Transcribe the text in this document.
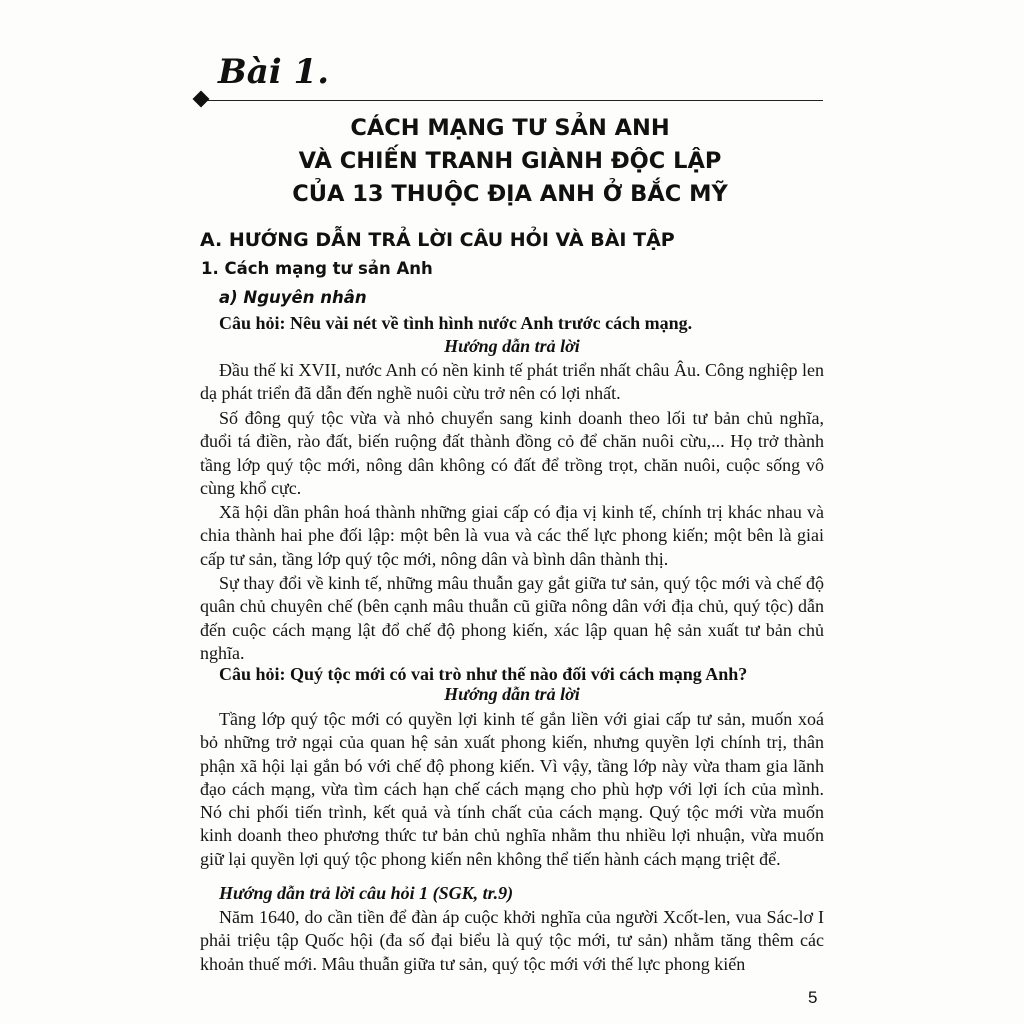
Bài 1.
CÁCH MẠNG TƯ SẢN ANH
VÀ CHIẾN TRANH GIÀNH ĐỘC LẬP
CỦA 13 THUỘC ĐỊA ANH Ở BẮC MỸ
A. HƯỚNG DẪN TRẢ LỜI CÂU HỎI VÀ BÀI TẬP
1. Cách mạng tư sản Anh
a) Nguyên nhân
Câu hỏi: Nêu vài nét về tình hình nước Anh trước cách mạng.
Hướng dẫn trả lời
Đầu thế kỉ XVII, nước Anh có nền kinh tế phát triển nhất châu Âu. Công nghiệp len dạ phát triển đã dẫn đến nghề nuôi cừu trở nên có lợi nhất.
Số đông quý tộc vừa và nhỏ chuyển sang kinh doanh theo lối tư bản chủ nghĩa, đuổi tá điền, rào đất, biến ruộng đất thành đồng cỏ để chăn nuôi cừu,... Họ trở thành tầng lớp quý tộc mới, nông dân không có đất để trồng trọt, chăn nuôi, cuộc sống vô cùng khổ cực.
Xã hội dần phân hoá thành những giai cấp có địa vị kinh tế, chính trị khác nhau và chia thành hai phe đối lập: một bên là vua và các thế lực phong kiến; một bên là giai cấp tư sản, tầng lớp quý tộc mới, nông dân và bình dân thành thị.
Sự thay đổi về kinh tế, những mâu thuẫn gay gắt giữa tư sản, quý tộc mới và chế độ quân chủ chuyên chế (bên cạnh mâu thuẫn cũ giữa nông dân với địa chủ, quý tộc) dẫn đến cuộc cách mạng lật đổ chế độ phong kiến, xác lập quan hệ sản xuất tư bản chủ nghĩa.
Câu hỏi: Quý tộc mới có vai trò như thế nào đối với cách mạng Anh?
Hướng dẫn trả lời
Tầng lớp quý tộc mới có quyền lợi kinh tế gắn liền với giai cấp tư sản, muốn xoá bỏ những trở ngại của quan hệ sản xuất phong kiến, nhưng quyền lợi chính trị, thân phận xã hội lại gắn bó với chế độ phong kiến. Vì vậy, tầng lớp này vừa tham gia lãnh đạo cách mạng, vừa tìm cách hạn chế cách mạng cho phù hợp với lợi ích của mình. Nó chi phối tiến trình, kết quả và tính chất của cách mạng. Quý tộc mới vừa muốn kinh doanh theo phương thức tư bản chủ nghĩa nhằm thu nhiều lợi nhuận, vừa muốn giữ lại quyền lợi quý tộc phong kiến nên không thể tiến hành cách mạng triệt để.
Hướng dẫn trả lời câu hỏi 1 (SGK, tr.9)
Năm 1640, do cần tiền để đàn áp cuộc khởi nghĩa của người Xcốt-len, vua Sác-lơ I phải triệu tập Quốc hội (đa số đại biểu là quý tộc mới, tư sản) nhằm tăng thêm các khoản thuế mới. Mâu thuẫn giữa tư sản, quý tộc mới với thế lực phong kiến
5
